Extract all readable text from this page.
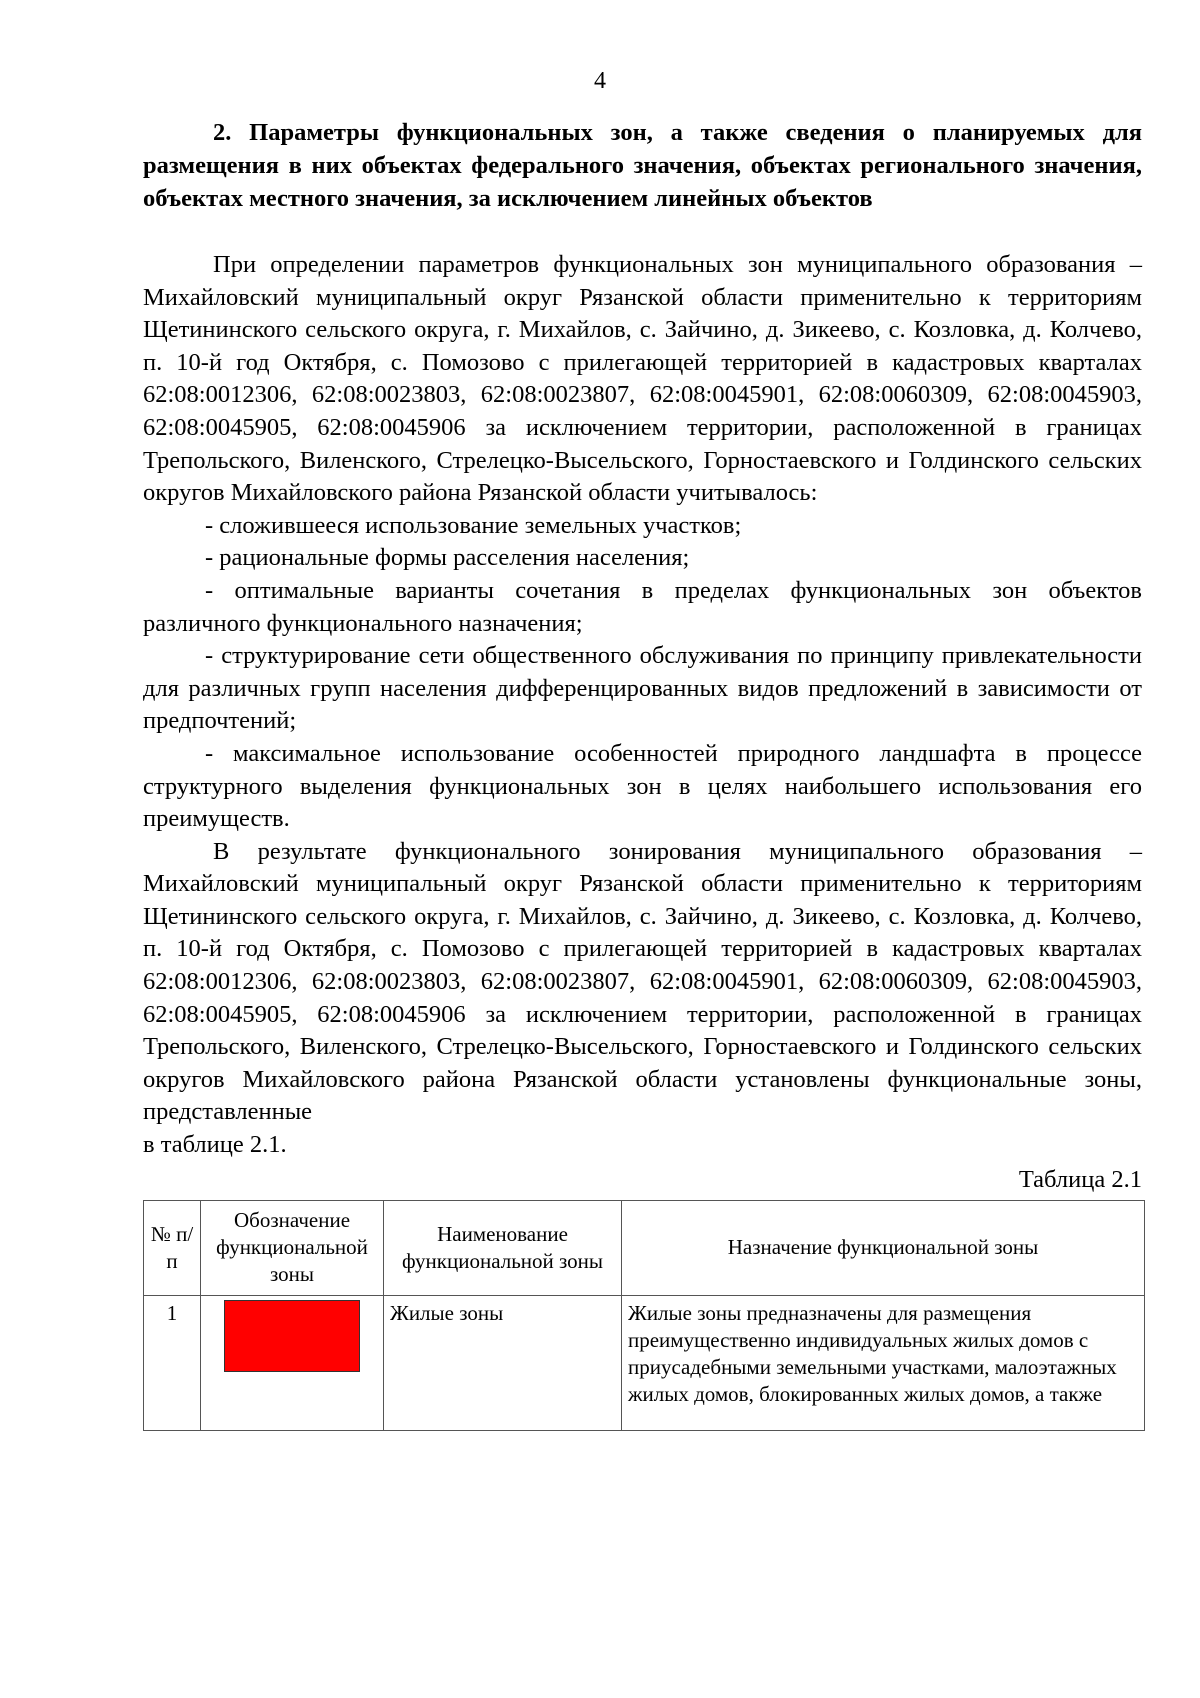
4

2. Параметры функциональных зон, а также сведения о планируемых для размещения в них объектах федерального значения, объектах регионального значения, объектах местного значения, за исключением линейных объектов

При определении параметров функциональных зон муниципального образования – Михайловский муниципальный округ Рязанской области применительно к территориям Щетининского сельского округа, г. Михайлов, с. Зайчино, д. Зикеево, с. Козловка, д. Колчево, п. 10-й год Октября, с. Помозово с прилегающей территорией в кадастровых кварталах 62:08:0012306, 62:08:0023803, 62:08:0023807, 62:08:0045901, 62:08:0060309, 62:08:0045903, 62:08:0045905, 62:08:0045906 за исключением территории, расположенной в границах Трепольского, Виленского, Стрелецко-Высельского, Горностаевского и Голдинского сельских округов Михайловского района Рязанской области учитывалось:

- сложившееся использование земельных участков;

- рациональные формы расселения населения;

- оптимальные варианты сочетания в пределах функциональных зон объектов различного функционального назначения;

- структурирование сети общественного обслуживания по принципу привлекательности для различных групп населения дифференцированных видов предложений в зависимости от предпочтений;

- максимальное использование особенностей природного ландшафта в процессе структурного выделения функциональных зон в целях наибольшего использования его преимуществ.

В результате функционального зонирования муниципального образования – Михайловский муниципальный округ Рязанской области применительно к территориям Щетининского сельского округа, г. Михайлов, с. Зайчино, д. Зикеево, с. Козловка, д. Колчево, п. 10-й год Октября, с. Помозово с прилегающей территорией в кадастровых кварталах 62:08:0012306, 62:08:0023803, 62:08:0023807, 62:08:0045901, 62:08:0060309, 62:08:0045903, 62:08:0045905, 62:08:0045906 за исключением территории, расположенной в границах Трепольского, Виленского, Стрелецко-Высельского, Горностаевского и Голдинского сельских округов Михайловского района Рязанской области установлены функциональные зоны, представленные

в таблице 2.1.

Таблица 2.1
№ п/п	Обозначение функциональной зоны	Наименование функциональной зоны	Назначение функциональной зоны
1		Жилые зоны	Жилые зоны предназначены для размещения преимущественно индивидуальных жилых домов с приусадебными земельными участками, малоэтажных жилых домов, блокированных жилых домов, а также
